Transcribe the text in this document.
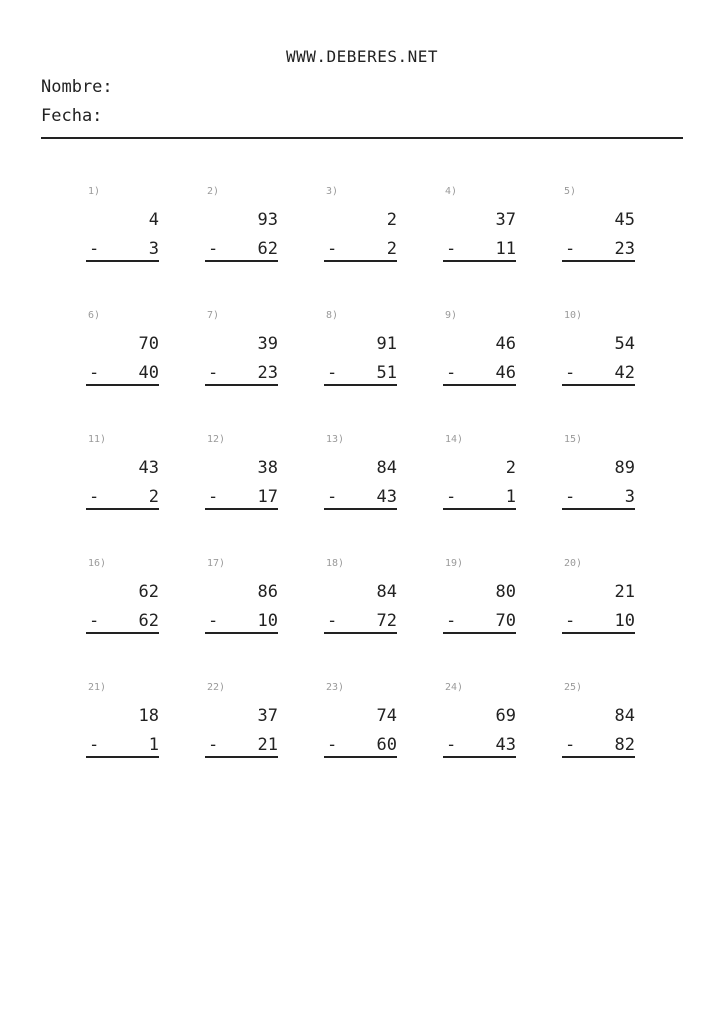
WWW.DEBERES.NET
Nombre:
Fecha:
1)
4
-	3
2)
93
- 62
3)
2
-	2
4)
37
- 11
5)
45
- 23
6)
70
- 40
7)
39
- 23
8)
91
- 51
9)
46
- 46
10)
54
- 42
11)
43
-	2
12)
38
- 17
13)
84
- 43
14)
2
-	1
15)
89
-	3
16)
62
- 62
17)
86
- 10
18)
84
- 72
19)
80
- 70
20)
21
- 10
21)
18
-	1
22)
37
- 21
23)
74
- 60
24)
69
- 43
25)
84
- 82
